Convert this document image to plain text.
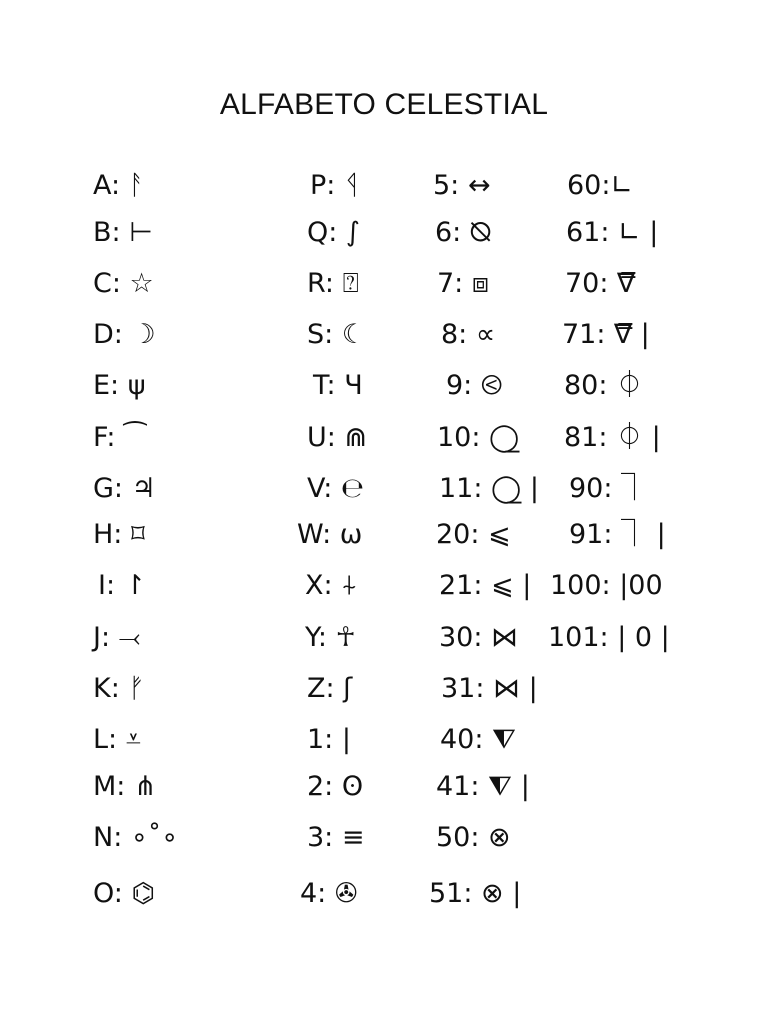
ALFABETO CELESTIAL
A: ᚨ
B: ⊢
C: ☆
D: ☽
E: ψ
F: ⁀
G: ♃
H: ⌑
I: ↾
J: ⤙
K: ᚠ
L: ⩡
M: ⋔
N: ∘˚∘
O: ⌬
P: ᛩ
Q: ∫
R: ⍰
S: ☾
T: Ч
U: ⋒
V: ℮
W: ω
X: ⍭
Y: ☥
Z: ʃ
1: |
2: ʘ
3: ≡
4: ✇
5: ↔
6: ⦰
7: ⧈
8: ∝
9: ⧀
10: ◯̲
11: ◯̲ |
20: ⩽
21: ⩽ |
30: ⋈
31: ⋈ |
40: ⧨
41: ⧨ |
50: ⊗
51: ⊗ |
60:∟
61: ∟ |
70: ∇̿
71: ∇̿ |
80: ⏀
81: ⏀ |
90: ⏋
91: ⏋ |
100: |00
101: | 0 |
